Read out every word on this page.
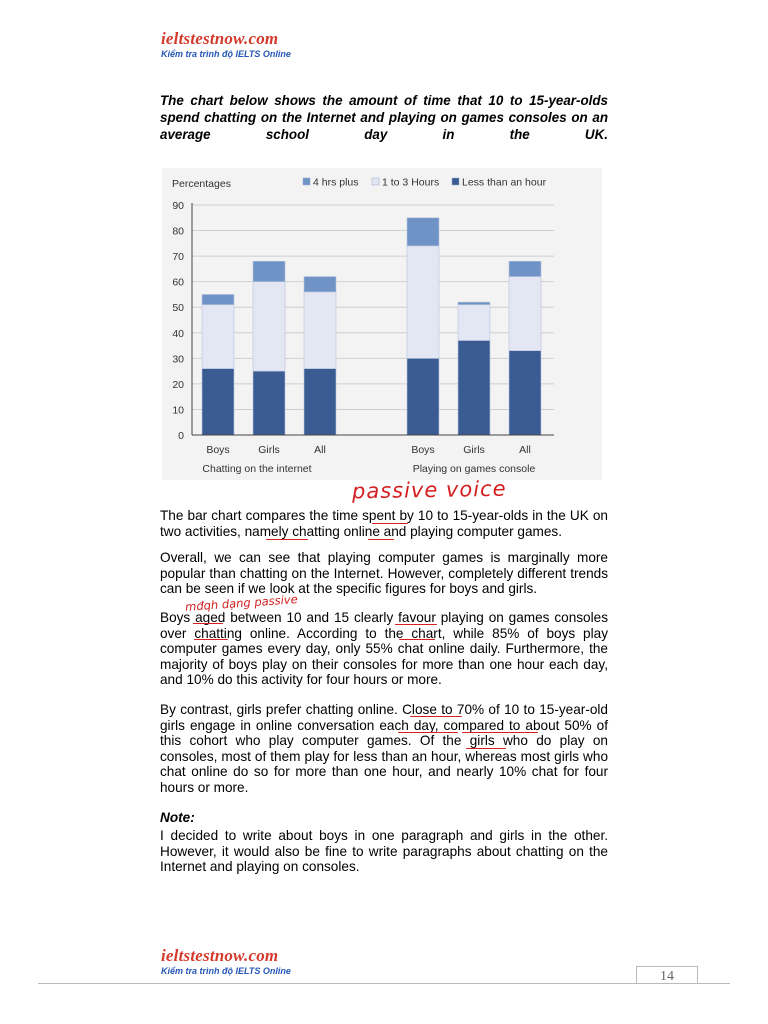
ieltstestnow.com
Kiểm tra trình độ IELTS Online
The chart below shows the amount of time that 10 to 15-year-olds spend chatting on the Internet and playing on games consoles on an average school day in the UK.
0
10
20
30
40
50
60
70
80
90
Percentages
Boys	Girls	All	Boys	Girls	All
Chatting on the internet	Playing on games console
4 hrs plus 1 to 3 Hours Less than an hour
passive voice
The bar chart compares the time spent by 10 to 15-year-olds in the UK on two activities, namely chatting online and playing computer games.
Overall, we can see that playing computer games is marginally more popular than chatting on the Internet. However, completely different trends can be seen if we look at the specific figures for boys and girls.
mđqh dạng passive
Boys aged between 10 and 15 clearly favour playing on games consoles over chatting online. According to the chart, while 85% of boys play computer games every day, only 55% chat online daily. Furthermore, the majority of boys play on their consoles for more than one hour each day, and 10% do this activity for four hours or more.
By contrast, girls prefer chatting online. Close to 70% of 10 to 15-year-old girls engage in online conversation each day, compared to about 50% of this cohort who play computer games. Of the girls who do play on consoles, most of them play for less than an hour, whereas most girls who chat online do so for more than one hour, and nearly 10% chat for four hours or more.
Note:
I decided to write about boys in one paragraph and girls in the other. However, it would also be fine to write paragraphs about chatting on the Internet and playing on consoles.
ieltstestnow.com
Kiểm tra trình độ IELTS Online	14
